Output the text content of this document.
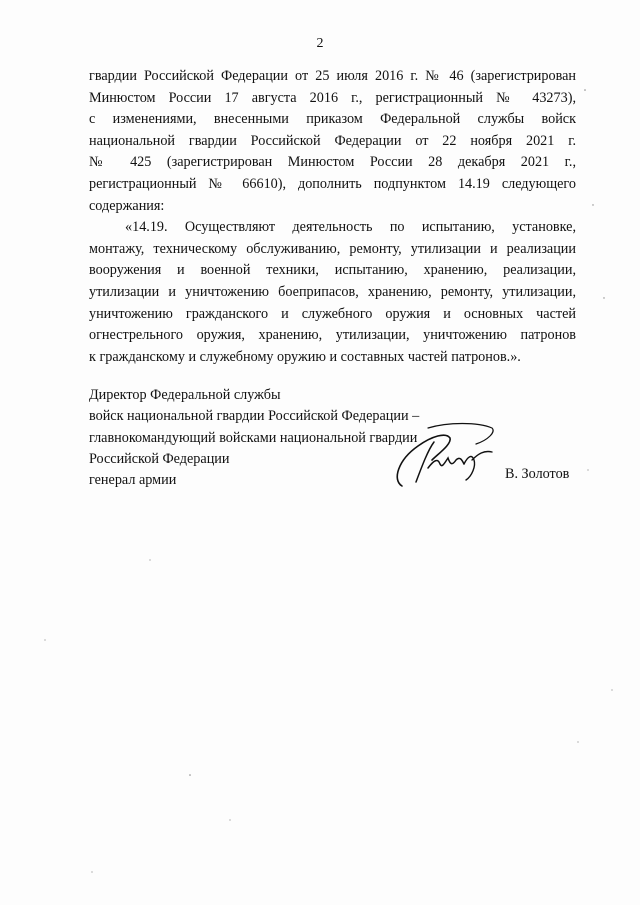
2
гвардии Российской Федерации от 25 июля 2016 г. № 46 (зарегистрирован
Минюстом России 17 августа 2016 г., регистрационный № 43273),
с изменениями, внесенными приказом Федеральной службы войск
национальной гвардии Российской Федерации от 22 ноября 2021 г.
№ 425 (зарегистрирован Минюстом России 28 декабря 2021 г.,
регистрационный № 66610), дополнить подпунктом 14.19 следующего
содержания:
«14.19. Осуществляют деятельность по испытанию, установке,
монтажу, техническому обслуживанию, ремонту, утилизации и реализации
вооружения и военной техники, испытанию, хранению, реализации,
утилизации и уничтожению боеприпасов, хранению, ремонту, утилизации,
уничтожению гражданского и служебного оружия и основных частей
огнестрельного оружия, хранению, утилизации, уничтожению патронов
к гражданскому и служебному оружию и составных частей патронов.».
Директор Федеральной службы
войск национальной гвардии Российской Федерации –
главнокомандующий войсками национальной гвардии
Российской Федерации
генерал армии	В. Золотов
